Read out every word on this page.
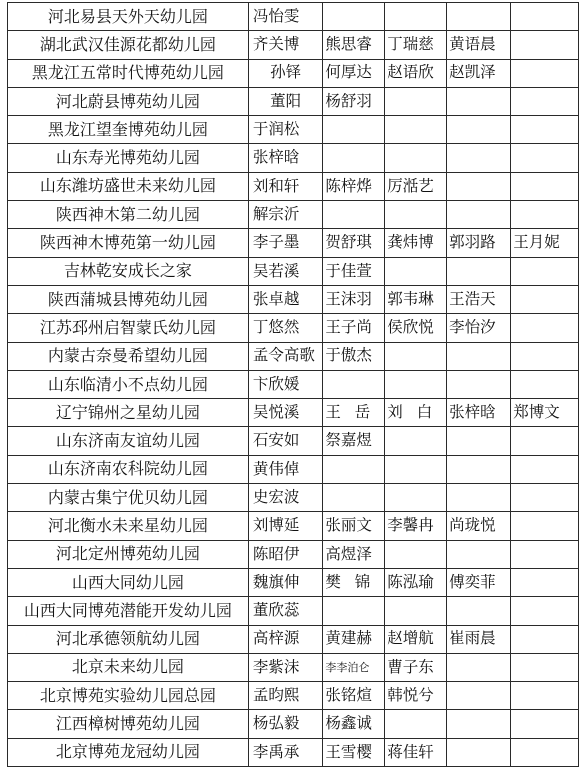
河北易县天外天幼儿园	冯怡雯				
湖北武汉佳源花都幼儿园	齐关博	熊思睿	丁瑞慈	黄语晨	
黑龙江五常时代博苑幼儿园	孙铎	何厚达	赵语欣	赵凯泽	
河北蔚县博苑幼儿园	董阳	杨舒羽			
黑龙江望奎博苑幼儿园	于润松				
山东寿光博苑幼儿园	张梓晗				
山东潍坊盛世未来幼儿园	刘和轩	陈梓烨	厉湉艺		
陕西神木第二幼儿园	解宗沂				
陕西神木博苑第一幼儿园	李子墨	贺舒琪	龚炜博	郭羽路	王月妮
吉林乾安成长之家	吴若溪	于佳萱			
陕西蒲城县博苑幼儿园	张卓越	王沫羽	郭韦琳	王浩天	
江苏邳州启智蒙氏幼儿园	丁悠然	王子尚	侯欣悦	李怡汐	
内蒙古奈曼希望幼儿园	孟令高歌	于傲杰			
山东临清小不点幼儿园	卞欣媛				
辽宁锦州之星幼儿园	吴悦溪	王岳	刘白	张梓晗	郑博文
山东济南友谊幼儿园	石安如	祭嘉煜			
山东济南农科院幼儿园	黄伟倬				
内蒙古集宁优贝幼儿园	史宏波				
河北衡水未来星幼儿园	刘博延	张丽文	李馨冉	尚珑悦	
河北定州博苑幼儿园	陈昭伊	高煜泽			
山西大同幼儿园	魏旗伸	樊锦	陈泓瑜	傅奕菲	
山西大同博苑潜能开发幼儿园	董欣蕊				
河北承德领航幼儿园	高梓源	黄建赫	赵增航	崔雨晨	
北京未来幼儿园	李紫沫	李李泊仑	曹子东		
北京博苑实验幼儿园总园	孟昀熙	张铭煊	韩悦兮		
江西樟树博苑幼儿园	杨弘毅	杨鑫诚			
北京博苑龙冠幼儿园	李禹承	王雪樱	蒋佳轩		
